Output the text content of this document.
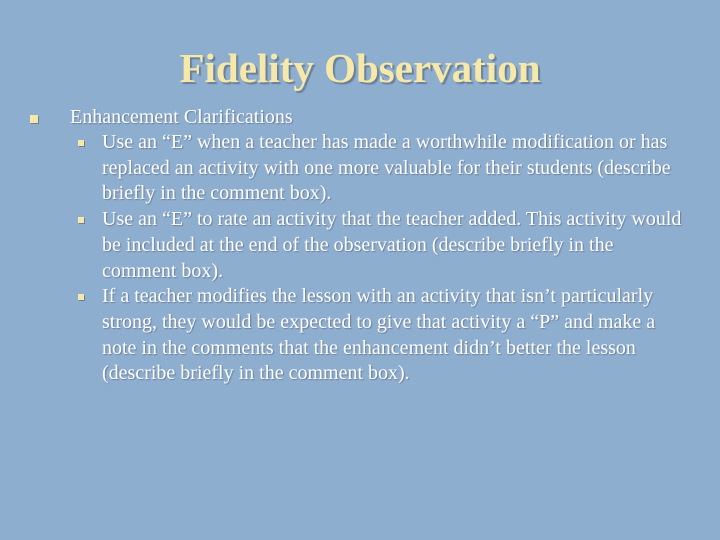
Fidelity Observation
Enhancement Clarifications
Use an “E” when a teacher has made a worthwhile modification or has replaced an activity with one more valuable for their students (describe briefly in the comment box).
Use an “E” to rate an activity that the teacher added. This activity would be included at the end of the observation (describe briefly in the comment box).
If a teacher modifies the lesson with an activity that isn’t particularly strong, they would be expected to give that activity a “P” and make a note in the comments that the enhancement didn’t better the lesson (describe briefly in the comment box).
